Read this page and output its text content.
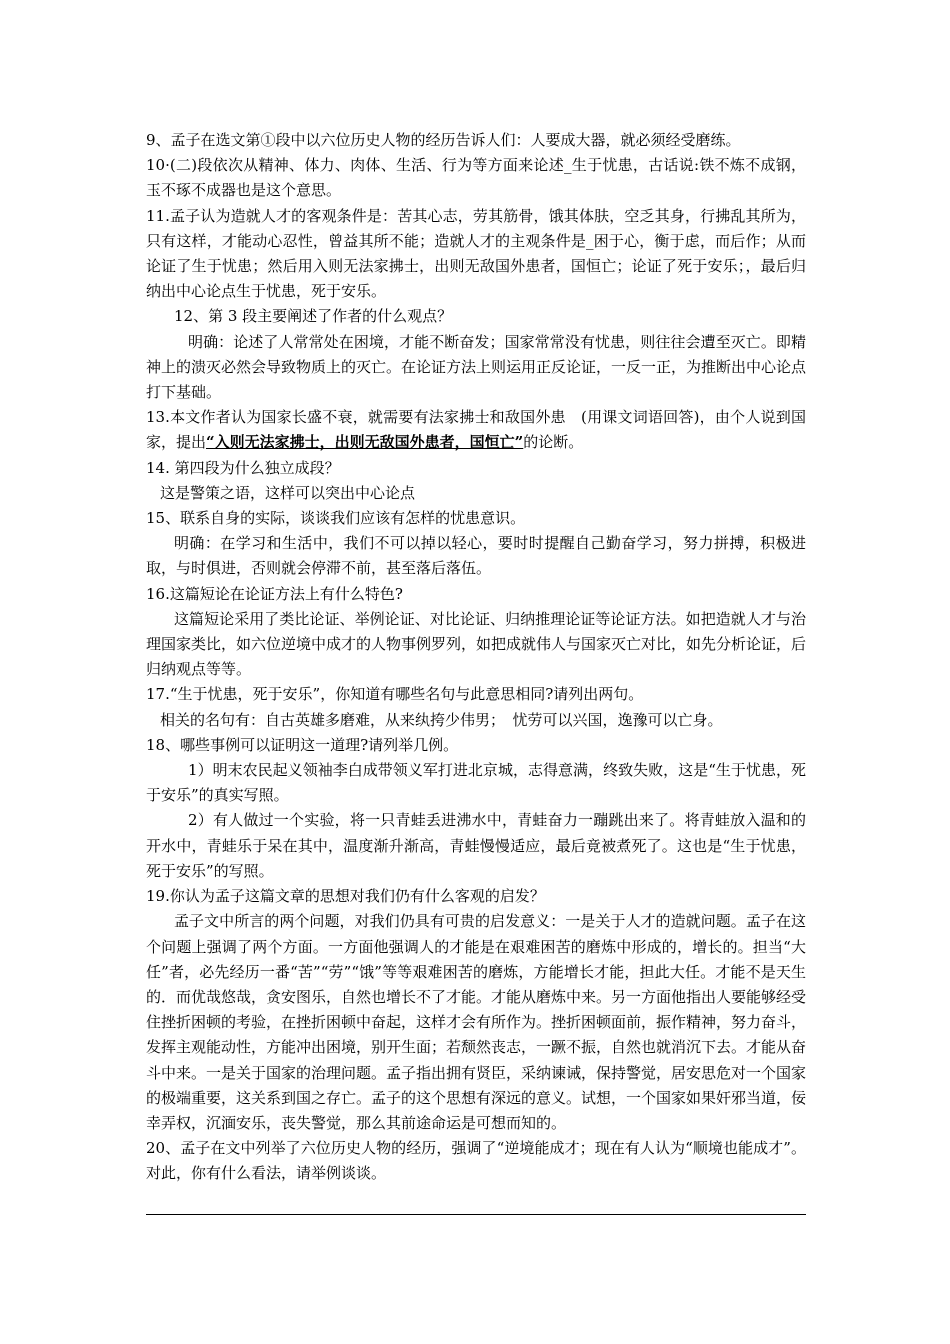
9、孟子在选文第①段中以六位历史人物的经历告诉人们：人要成大器，就必须经受磨练。

10·(二)段依次从精神、体力、肉体、生活、行为等方面来论述_生于忧患，古话说:铁不炼不成钢，玉不琢不成器也是这个意思。

11.孟子认为造就人才的客观条件是：苦其心志，劳其筋骨，饿其体肤，空乏其身，行拂乱其所为，只有这样，才能动心忍性，曾益其所不能；造就人才的主观条件是_困于心，衡于虑，而后作；从而论证了生于忧患；然后用入则无法家拂士，出则无敌国外患者，国恒亡；论证了死于安乐；，最后归纳出中心论点生于忧患，死于安乐。

12、第 3 段主要阐述了作者的什么观点？

明确：论述了人常常处在困境，才能不断奋发；国家常常没有忧患，则往往会遭至灭亡。即精神上的溃灭必然会导致物质上的灭亡。在论证方法上则运用正反论证，一反一正，为推断出中心论点打下基础。

13.本文作者认为国家长盛不衰，就需要有法家拂士和敌国外患　(用课文词语回答)，由个人说到国家，提出“入则无法家拂士，出则无敌国外患者，国恒亡”的论断。

14. 第四段为什么独立成段？

这是警策之语，这样可以突出中心论点

15、联系自身的实际，谈谈我们应该有怎样的忧患意识。

明确：在学习和生活中，我们不可以掉以轻心，要时时提醒自己勤奋学习，努力拼搏，积极进取，与时俱进，否则就会停滞不前，甚至落后落伍。

16.这篇短论在论证方法上有什么特色?

这篇短论采用了类比论证、举例论证、对比论证、归纳推理论证等论证方法。如把造就人才与治理国家类比，如六位逆境中成才的人物事例罗列，如把成就伟人与国家灭亡对比，如先分析论证，后归纳观点等等。

17.“生于忧患，死于安乐”，你知道有哪些名句与此意思相同?请列出两句。

相关的名句有：自古英雄多磨难，从来纨挎少伟男；　忧劳可以兴国，逸豫可以亡身。

18、哪些事例可以证明这一道理?请列举几例。

1）明末农民起义领袖李白成带领义军打进北京城，志得意满，终致失败，这是“生于忧患，死于安乐”的真实写照。

2）有人做过一个实验，将一只青蛙丢进沸水中，青蛙奋力一蹦跳出来了。将青蛙放入温和的开水中，青蛙乐于呆在其中，温度渐升渐高，青蛙慢慢适应，最后竟被煮死了。这也是“生于忧患，死于安乐”的写照。

19.你认为孟子这篇文章的思想对我们仍有什么客观的启发？

孟子文中所言的两个问题，对我们仍具有可贵的启发意义：一是关于人才的造就问题。孟子在这个问题上强调了两个方面。一方面他强调人的才能是在艰难困苦的磨炼中形成的，增长的。担当“大任”者，必先经历一番“苦”“劳”“饿”等等艰难困苦的磨炼，方能增长才能，担此大任。才能不是天生的．而优哉悠哉，贪安图乐，自然也增长不了才能。才能从磨炼中来。另一方面他指出人要能够经受住挫折困顿的考验，在挫折困顿中奋起，这样才会有所作为。挫折困顿面前，振作精神，努力奋斗，发挥主观能动性，方能冲出困境，别开生面；若颓然丧志，一蹶不振，自然也就消沉下去。才能从奋斗中来。一是关于国家的治理问题。孟子指出拥有贤臣，采纳谏诫，保持警觉，居安思危对一个国家的极端重要，这关系到国之存亡。孟子的这个思想有深远的意义。试想，一个国家如果奸邪当道，佞幸弄权，沉湎安乐，丧失警觉，那么其前途命运是可想而知的。

20、孟子在文中列举了六位历史人物的经历，强调了“逆境能成才；现在有人认为“顺境也能成才”。对此，你有什么看法，请举例谈谈。
